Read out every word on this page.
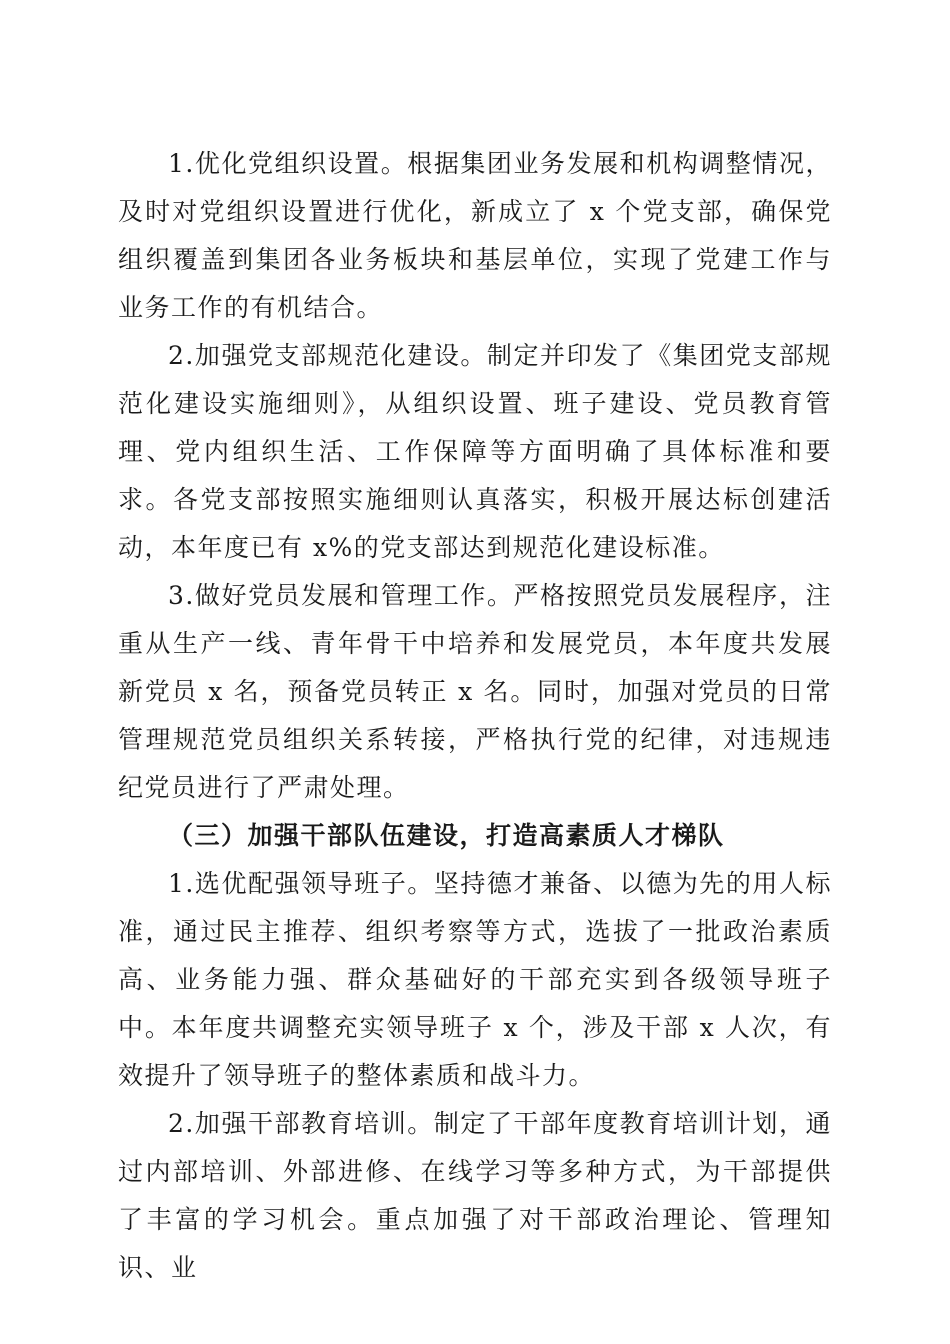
1.优化党组织设置。根据集团业务发展和机构调整情况，及时对党组织设置进行优化，新成立了 x 个党支部，确保党组织覆盖到集团各业务板块和基层单位，实现了党建工作与业务工作的有机结合。

2.加强党支部规范化建设。制定并印发了《集团党支部规范化建设实施细则》，从组织设置、班子建设、党员教育管理、党内组织生活、工作保障等方面明确了具体标准和要求。各党支部按照实施细则认真落实，积极开展达标创建活动，本年度已有 x%的党支部达到规范化建设标准。

3.做好党员发展和管理工作。严格按照党员发展程序，注重从生产一线、青年骨干中培养和发展党员，本年度共发展新党员 x 名，预备党员转正 x 名。同时，加强对党员的日常管理规范党员组织关系转接，严格执行党的纪律，对违规违纪党员进行了严肃处理。

（三）加强干部队伍建设，打造高素质人才梯队

1.选优配强领导班子。坚持德才兼备、以德为先的用人标准，通过民主推荐、组织考察等方式，选拔了一批政治素质高、业务能力强、群众基础好的干部充实到各级领导班子中。本年度共调整充实领导班子 x 个，涉及干部 x 人次，有效提升了领导班子的整体素质和战斗力。

2.加强干部教育培训。制定了干部年度教育培训计划，通过内部培训、外部进修、在线学习等多种方式，为干部提供了丰富的学习机会。重点加强了对干部政治理论、管理知识、业
